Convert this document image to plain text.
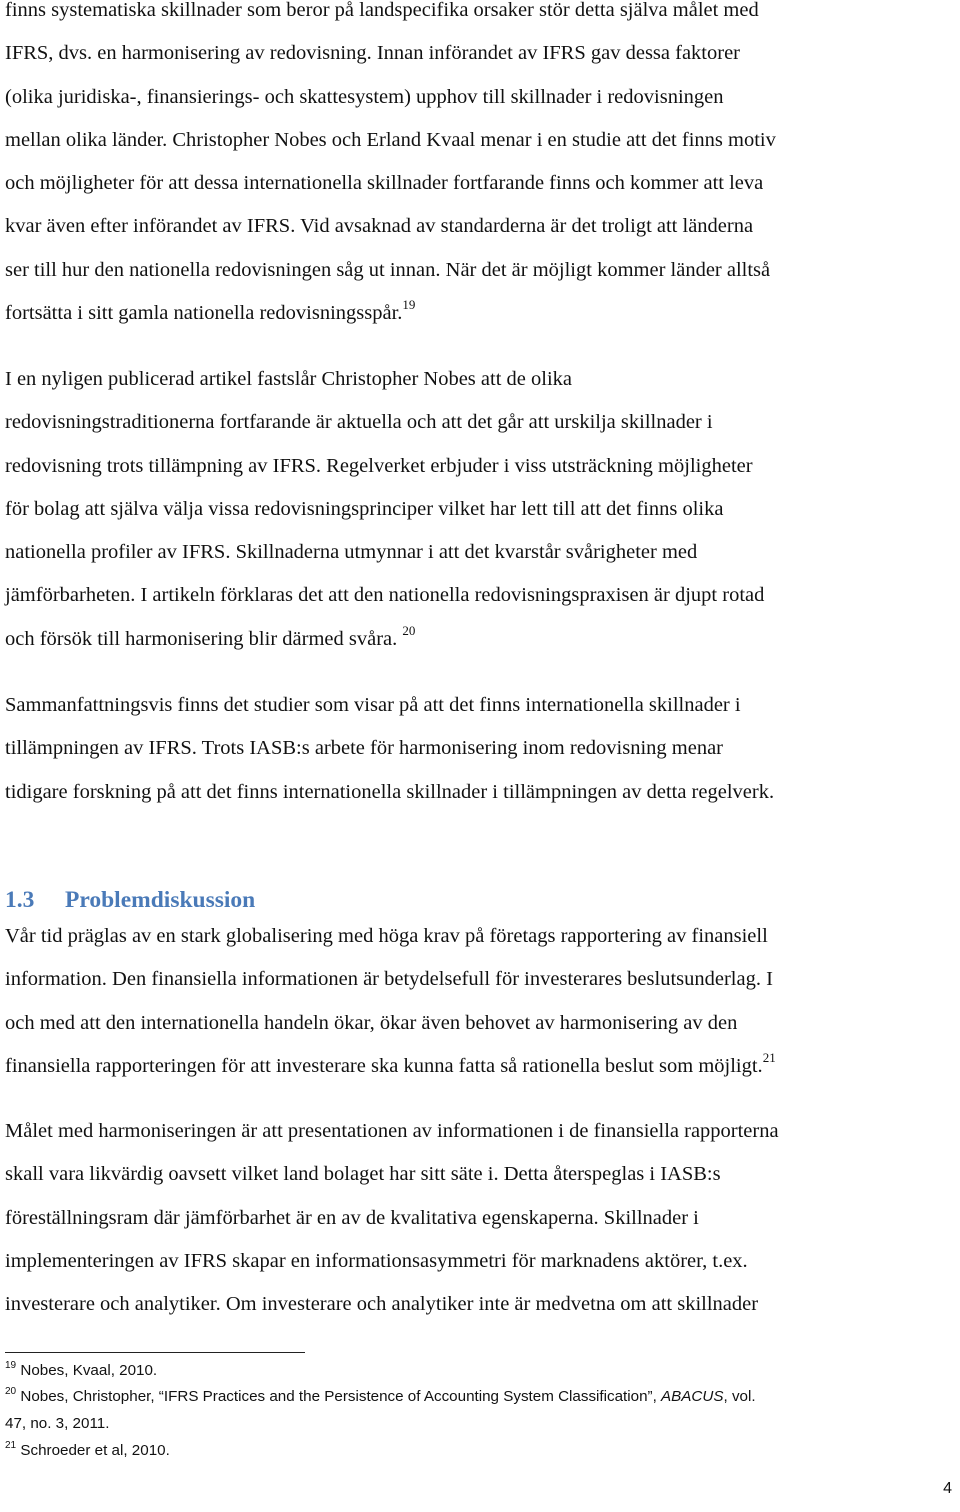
finns systematiska skillnader som beror på landspecifika orsaker stör detta själva målet med
IFRS, dvs. en harmonisering av redovisning. Innan införandet av IFRS gav dessa faktorer
(olika juridiska-, finansierings- och skattesystem) upphov till skillnader i redovisningen
mellan olika länder. Christopher Nobes och Erland Kvaal menar i en studie att det finns motiv
och möjligheter för att dessa internationella skillnader fortfarande finns och kommer att leva
kvar även efter införandet av IFRS. Vid avsaknad av standarderna är det troligt att länderna
ser till hur den nationella redovisningen såg ut innan. När det är möjligt kommer länder alltså
fortsätta i sitt gamla nationella redovisningsspår.$^{19}$

I en nyligen publicerad artikel fastslår Christopher Nobes att de olika
redovisningstraditionerna fortfarande är aktuella och att det går att urskilja skillnader i
redovisning trots tillämpning av IFRS. Regelverket erbjuder i viss utsträckning möjligheter
för bolag att själva välja vissa redovisningsprinciper vilket har lett till att det finns olika
nationella profiler av IFRS. Skillnaderna utmynnar i att det kvarstår svårigheter med
jämförbarheten. I artikeln förklaras det att den nationella redovisningspraxisen är djupt rotad
och försök till harmonisering blir därmed svåra. $^{20}$

Sammanfattningsvis finns det studier som visar på att det finns internationella skillnader i
tillämpningen av IFRS. Trots IASB:s arbete för harmonisering inom redovisning menar
tidigare forskning på att det finns internationella skillnader i tillämpningen av detta regelverk.

1.3 Problemdiskussion

Vår tid präglas av en stark globalisering med höga krav på företags rapportering av finansiell
information. Den finansiella informationen är betydelsefull för investerares beslutsunderlag. I
och med att den internationella handeln ökar, ökar även behovet av harmonisering av den
finansiella rapporteringen för att investerare ska kunna fatta så rationella beslut som möjligt.$^{21}$

Målet med harmoniseringen är att presentationen av informationen i de finansiella rapporterna
skall vara likvärdig oavsett vilket land bolaget har sitt säte i. Detta återspeglas i IASB:s
föreställningsram där jämförbarhet är en av de kvalitativa egenskaperna. Skillnader i
implementeringen av IFRS skapar en informationsasymmetri för marknadens aktörer, t.ex.
investerare och analytiker. Om investerare och analytiker inte är medvetna om att skillnader

$^{19}$ Nobes, Kvaal, 2010.
$^{20}$ Nobes, Christopher, “IFRS Practices and the Persistence of Accounting System Classification”, ABACUS, vol.
47, no. 3, 2011.
$^{21}$ Schroeder et al, 2010.
4
